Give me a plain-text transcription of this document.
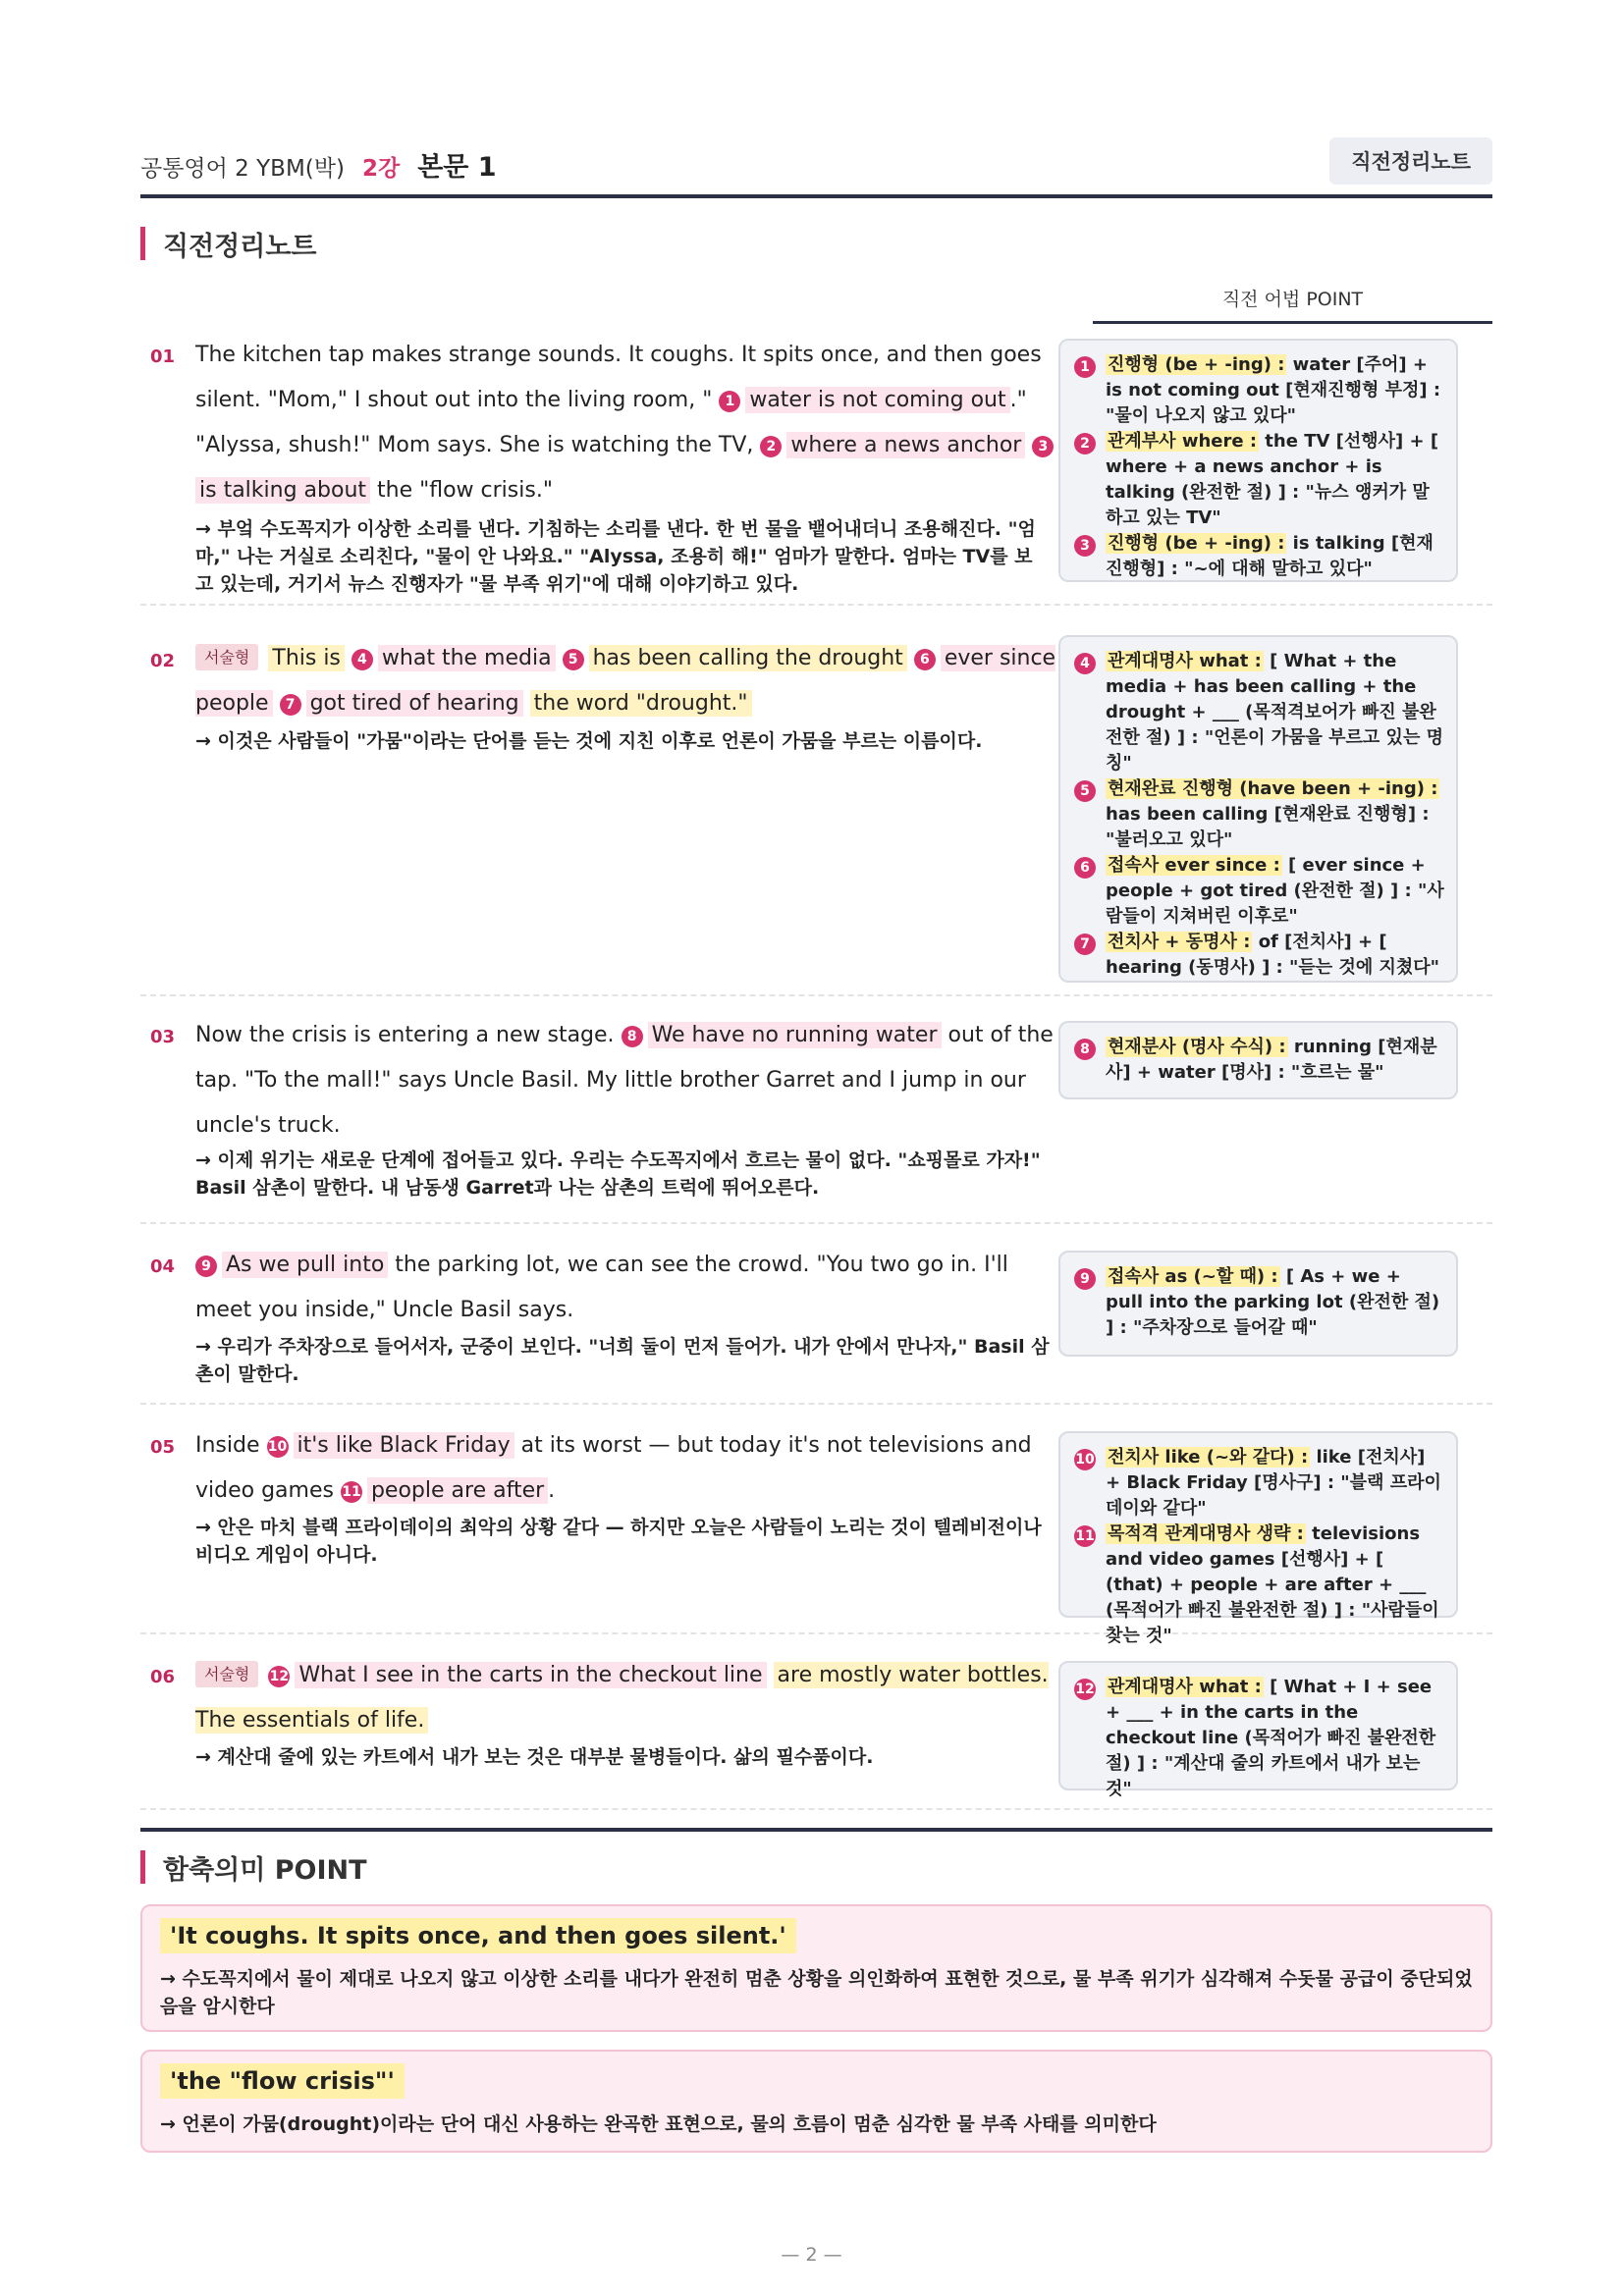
공통영어 2 YBM(박) 2강 본문 1	직전정리노트
직전정리노트
직전 어법 POINT
01 The kitchen tap makes strange sounds. It coughs. It spits once, and then goes silent. "Mom," I shout out into the living room, " 1 water is not coming out ." "Alyssa, shush!" Mom says. She is watching the TV, 2 where a news anchor 3is talking about the "flow crisis."
→ 부엌 수도꼭지가 이상한 소리를 낸다. 기침하는 소리를 낸다. 한 번 물을 뱉어내더니 조용해진다. "엄마," 나는 거실로 소리친다, "물이 안 나와요." "Alyssa, 조용히 해!" 엄마가 말한다. 엄마는 TV를 보고 있는데, 거기서 뉴스 진행자가 "물 부족 위기"에 대해 이야기하고 있다.
1	진행형 (be + -ing) : water [주어] + is not coming out [현재진행형 부정] : "물이 나오지 않고 있다"
2	관계부사 where : the TV [선행사] + [ where + a news anchor + is talking (완전한 절) ] : "뉴스 앵커가 말하고 있는 TV"
3	진행형 (be + -ing) : is talking [현재진행형] : "~에 대해 말하고 있다"
02	서술형 This is 4 what the media 5 has been calling the drought 6 ever since people 7 got tired of hearing the word "drought."
→ 이것은 사람들이 "가뭄"이라는 단어를 듣는 것에 지친 이후로 언론이 가뭄을 부르는 이름이다.
4	관계대명사 what : [ What + the media + has been calling + the drought + ___ (목적격보어가 빠진 불완전한 절) ] : "언론이 가뭄을 부르고 있는 명칭"
5	현재완료 진행형 (have been + -ing) : has been calling [현재완료 진행형] : "불러오고 있다"
6	접속사 ever since : [ ever since + people + got tired (완전한 절) ] : "사람들이 지쳐버린 이후로"
7	전치사 + 동명사 : of [전치사] + [ hearing (동명사) ] : "듣는 것에 지쳤다"
03 Now the crisis is entering a new stage. 8 We have no running water out of the tap. "To the mall!" says Uncle Basil. My little brother Garret and I jump in our uncle's truck.
→ 이제 위기는 새로운 단계에 접어들고 있다. 우리는 수도꼭지에서 흐르는 물이 없다. "쇼핑몰로 가자!" Basil 삼촌이 말한다. 내 남동생 Garret과 나는 삼촌의 트럭에 뛰어오른다.
8	현재분사 (명사 수식) : running [현재분사] + water [명사] : "흐르는 물"
04	9 As we pull into the parking lot, we can see the crowd. "You two go in. I'll meet you inside," Uncle Basil says.
→ 우리가 주차장으로 들어서자, 군중이 보인다. "너희 둘이 먼저 들어가. 내가 안에서 만나자," Basil 삼촌이 말한다.
9	접속사 as (~할 때) : [ As + we + pull into the parking lot (완전한 절) ] : "주차장으로 들어갈 때"
05 Inside 10 it's like Black Friday at its worst — but today it's not televisions and video games 11 people are after .
→ 안은 마치 블랙 프라이데이의 최악의 상황 같다 — 하지만 오늘은 사람들이 노리는 것이 텔레비전이나 비디오 게임이 아니다.
10 전치사 like (~와 같다) : like [전치사] + Black Friday [명사구] : "블랙 프라이데이와 같다"
11 목적격 관계대명사 생략 : televisions and video games [선행사] + [ (that) + people + are after + ___ (목적어가 빠진 불완전한 절) ] : "사람들이 찾는 것"
06	서술형 12 What I see in the carts in the checkout line are mostly water bottles. The essentials of life.
→ 계산대 줄에 있는 카트에서 내가 보는 것은 대부분 물병들이다. 삶의 필수품이다.
12 관계대명사 what : [ What + I + see + ___ + in the carts in the checkout line (목적어가 빠진 불완전한 절) ] : "계산대 줄의 카트에서 내가 보는 것"
함축의미 POINT
'It coughs. It spits once, and then goes silent.'
→ 수도꼭지에서 물이 제대로 나오지 않고 이상한 소리를 내다가 완전히 멈춘 상황을 의인화하여 표현한 것으로, 물 부족 위기가 심각해져 수돗물 공급이 중단되었음을 암시한다
'the "flow crisis"'
→ 언론이 가뭄(drought)이라는 단어 대신 사용하는 완곡한 표현으로, 물의 흐름이 멈춘 심각한 물 부족 사태를 의미한다
— 2 —
